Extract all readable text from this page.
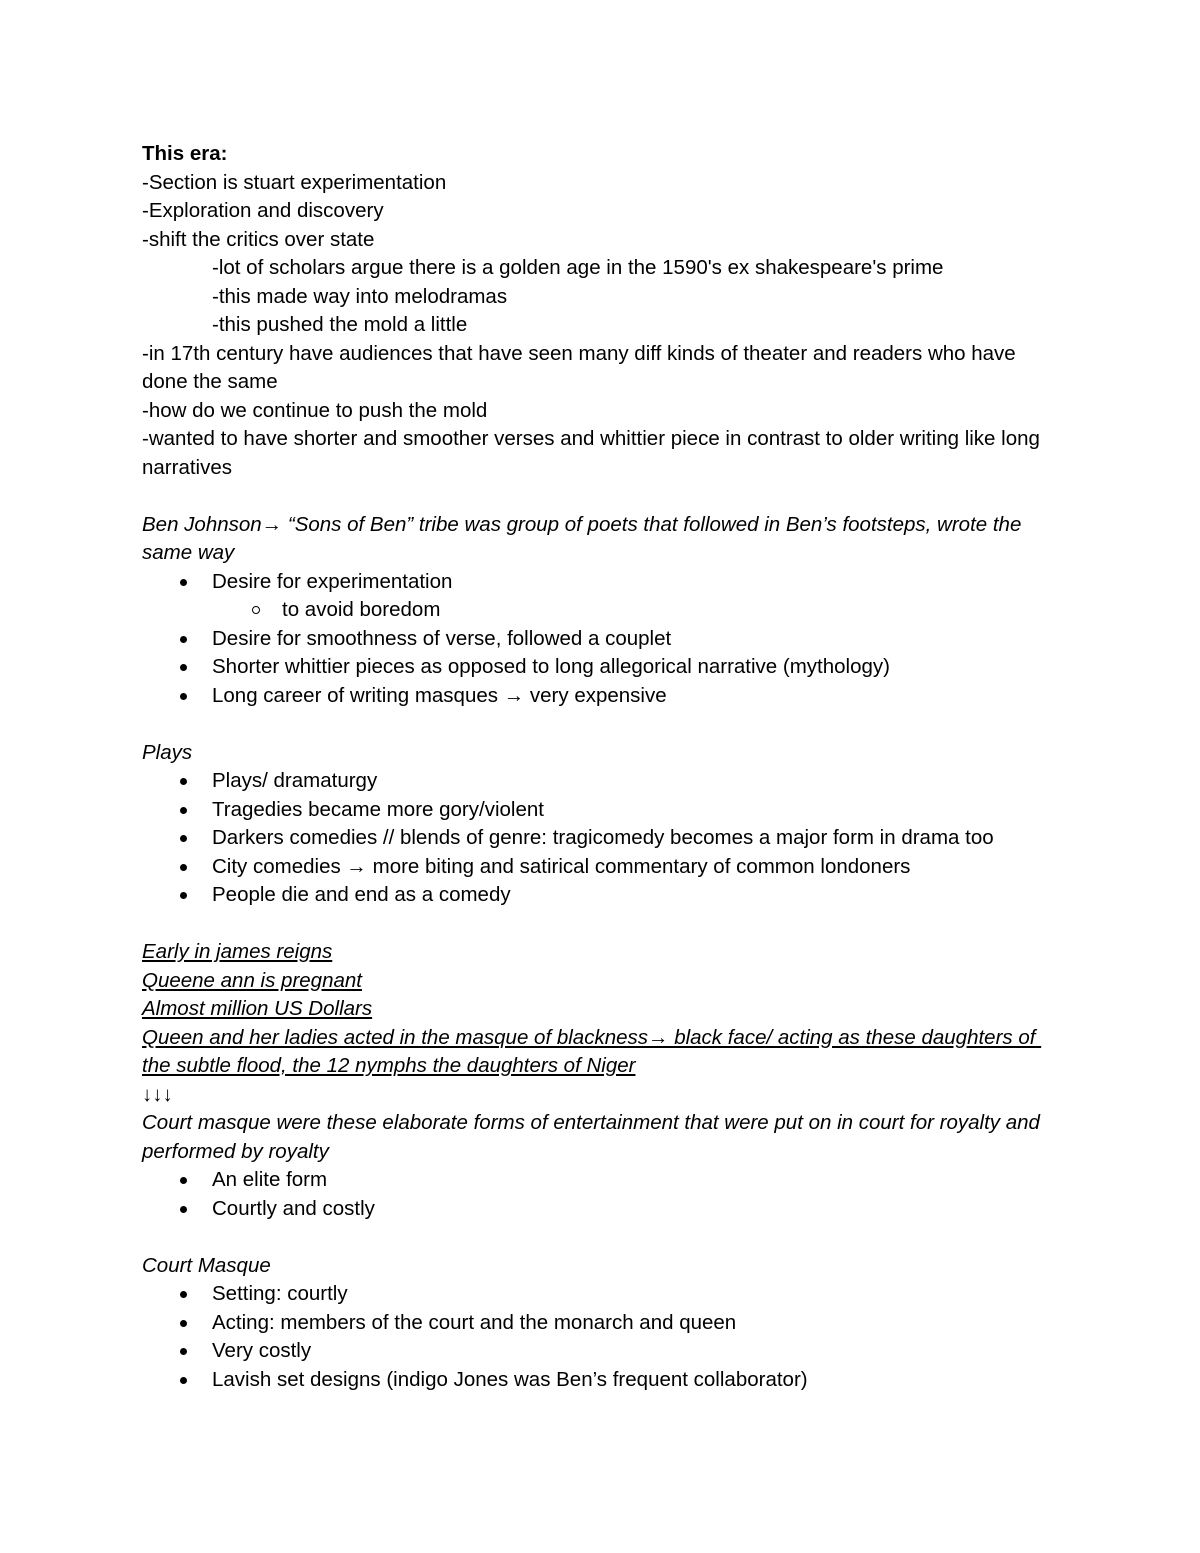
This era:
-Section is stuart experimentation
-Exploration and discovery
-shift the critics over state
-lot of scholars argue there is a golden age in the 1590's ex shakespeare's prime
-this made way into melodramas
-this pushed the mold a little
-in 17th century have audiences that have seen many diff kinds of theater and readers who have done the same
-how do we continue to push the mold
-wanted to have shorter and smoother verses and whittier piece in contrast to older writing like long narratives
Ben Johnson→ “Sons of Ben” tribe was group of poets that followed in Ben’s footsteps, wrote the same way
Desire for experimentation
to avoid boredom
Desire for smoothness of verse, followed a couplet
Shorter whittier pieces as opposed to long allegorical narrative (mythology)
Long career of writing masques → very expensive
Plays
Plays/ dramaturgy
Tragedies became more gory/violent
Darkers comedies // blends of genre: tragicomedy becomes a major form in drama too
City comedies → more biting and satirical commentary of common londoners
People die and end as a comedy
Early in james reigns
Queene ann is pregnant
Almost million US Dollars
Queen and her ladies acted in the masque of blackness→ black face/ acting as these daughters of the subtle flood, the 12 nymphs the daughters of Niger
↓↓↓
Court masque were these elaborate forms of entertainment that were put on in court for royalty and performed by royalty
An elite form
Courtly and costly
Court Masque
Setting: courtly
Acting: members of the court and the monarch and queen
Very costly
Lavish set designs (indigo Jones was Ben’s frequent collaborator)
